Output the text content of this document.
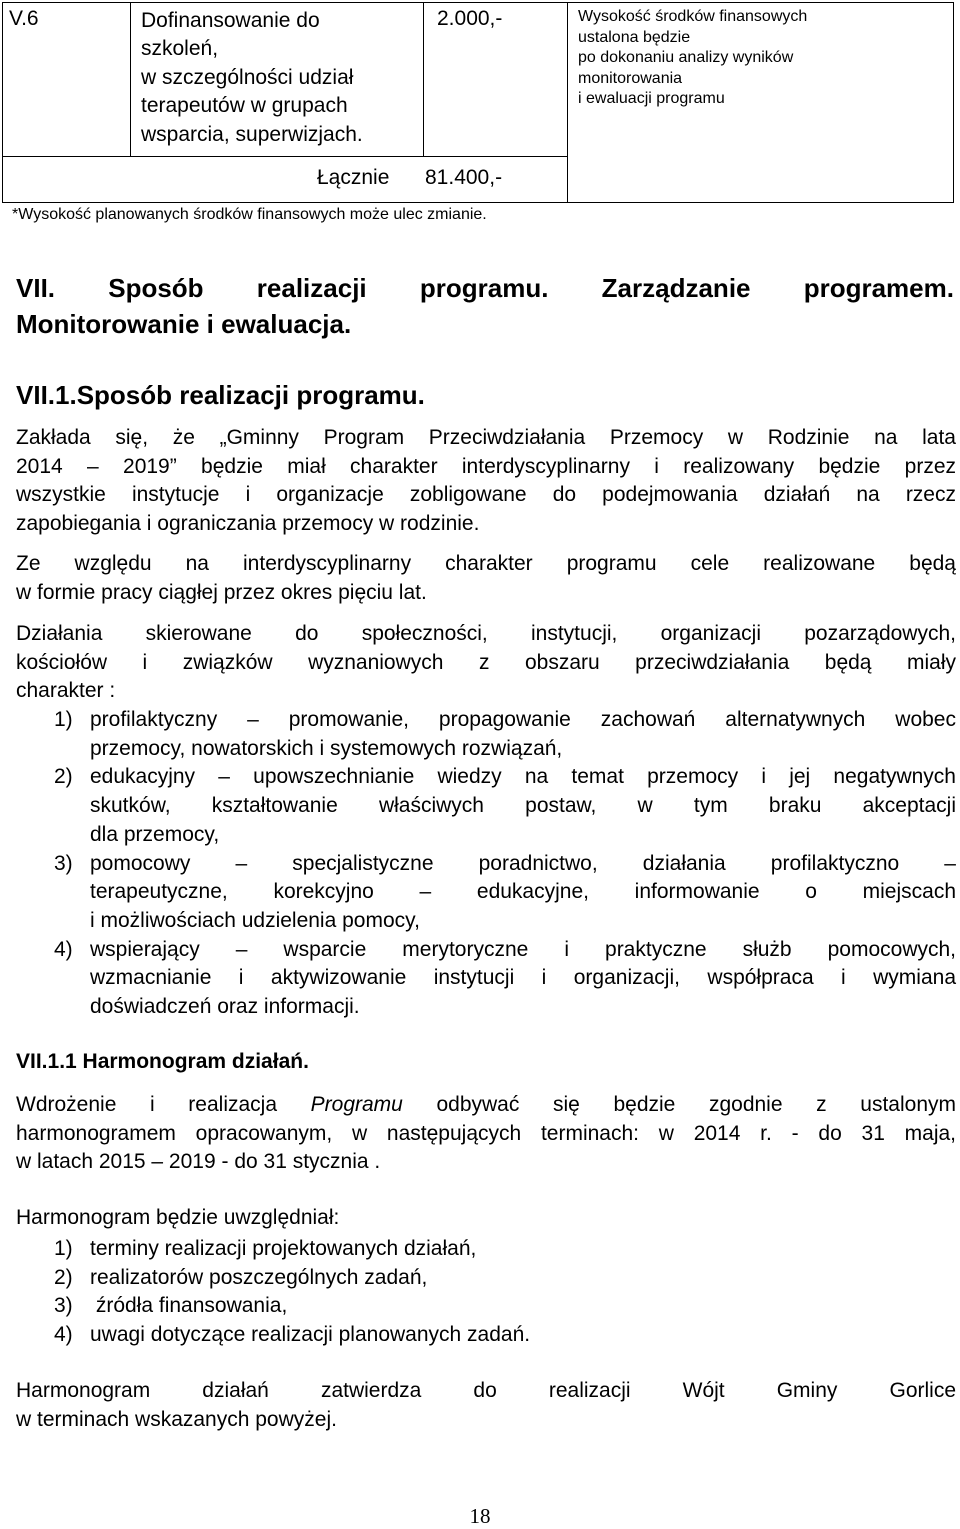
V.6	Dofinansowanie do
szkoleń,
w szczególności udział
terapeutów w grupach
wsparcia, superwizjach.
	2.000,-	Wysokość środków finansowych
ustalona będzie
po dokonaniu analizy wyników
monitorowania
i ewaluacji programu

Łącznie 81.400,-
*Wysokość planowanych środków finansowych może ulec zmianie.
VII. Sposób realizacji programu. Zarządzanie programem.
Monitorowanie i ewaluacja.
VII.1.Sposób realizacji programu.
Zakłada się, że „Gminny Program Przeciwdziałania Przemocy w Rodzinie na lata
2014 – 2019” będzie miał charakter interdyscyplinarny i realizowany będzie przez
wszystkie instytucje i organizacje zobligowane do podejmowania działań na rzecz
zapobiegania i ograniczania przemocy w rodzinie.
Ze względu na interdyscyplinarny charakter programu cele realizowane będą
w formie pracy ciągłej przez okres pięciu lat.
Działania skierowane do społeczności, instytucji, organizacji pozarządowych,
kościołów i związków wyznaniowych z obszaru przeciwdziałania będą miały
charakter :
1) profilaktyczny – promowanie, propagowanie zachowań alternatywnych wobec
przemocy, nowatorskich i systemowych rozwiązań,
2) edukacyjny – upowszechnianie wiedzy na temat przemocy i jej negatywnych
skutków, kształtowanie właściwych postaw, w tym braku akceptacji
dla przemocy,
3) pomocowy – specjalistyczne poradnictwo, działania profilaktyczno –
terapeutyczne, korekcyjno – edukacyjne, informowanie o miejscach
i możliwościach udzielenia pomocy,
4) wspierający – wsparcie merytoryczne i praktyczne służb pomocowych,
wzmacnianie i aktywizowanie instytucji i organizacji, współpraca i wymiana
doświadczeń oraz informacji.
VII.1.1 Harmonogram działań.
Wdrożenie i realizacja Programu odbywać się będzie zgodnie z ustalonym
harmonogramem opracowanym, w następujących terminach: w 2014 r. - do 31 maja,
w latach 2015 – 2019 - do 31 stycznia .
Harmonogram będzie uwzględniał:
1) terminy realizacji projektowanych działań,
2) realizatorów poszczególnych zadań,
3) źródła finansowania,
4) uwagi dotyczące realizacji planowanych zadań.
Harmonogram działań zatwierdza do realizacji Wójt Gminy Gorlice
w terminach wskazanych powyżej.
18
